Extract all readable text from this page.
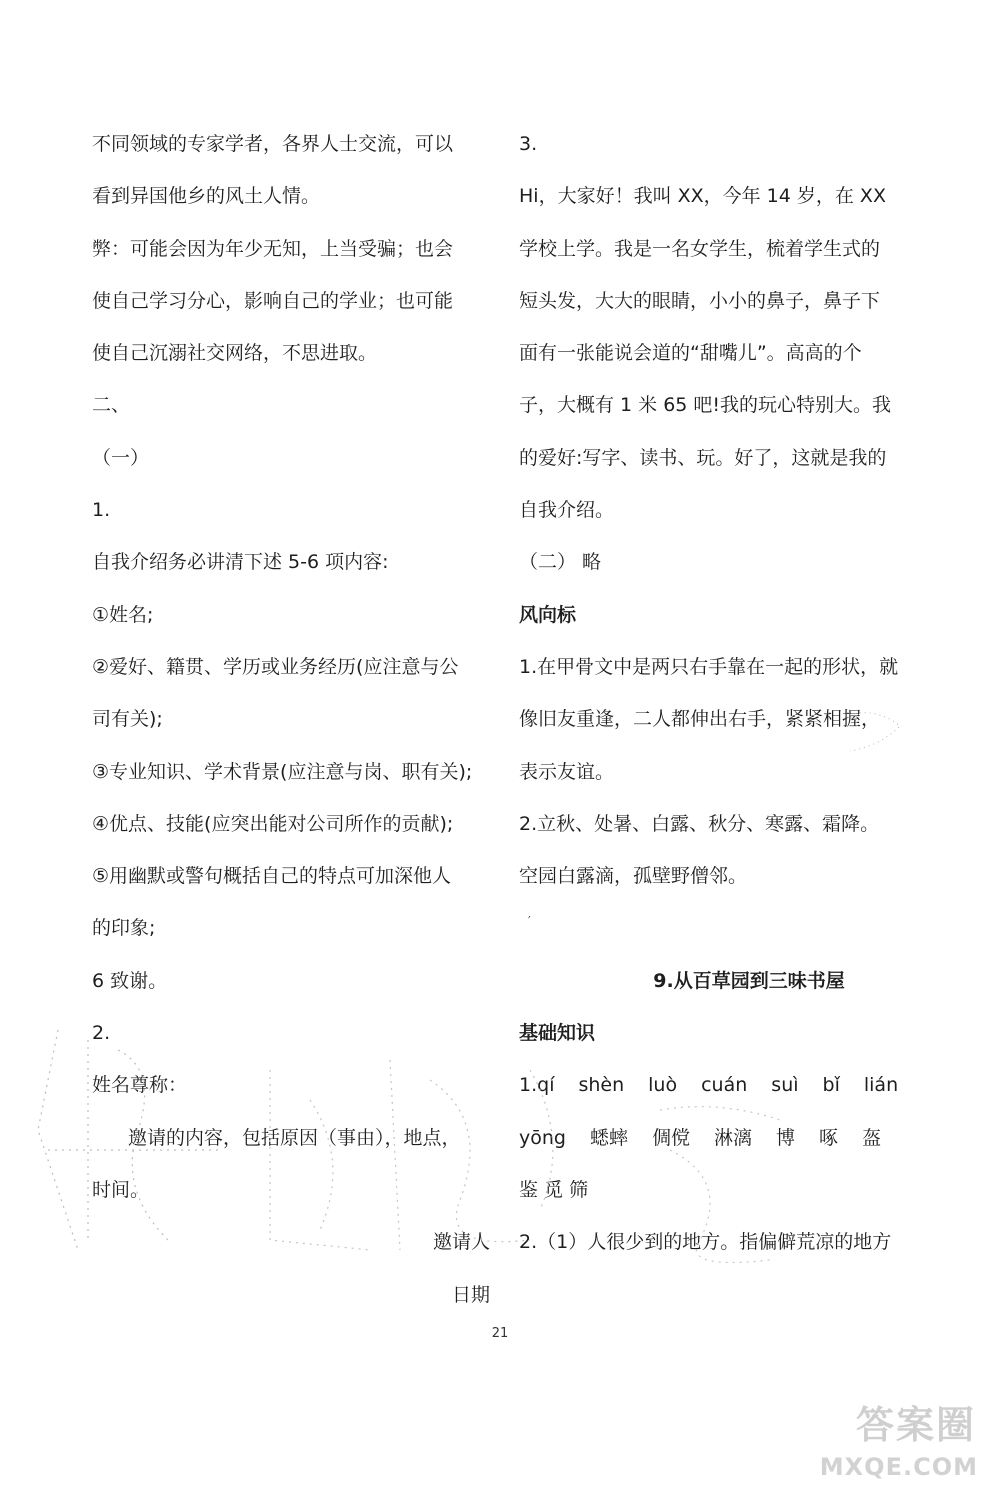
不同领域的专家学者，各界人士交流，可以
看到异国他乡的风土人情。
弊：可能会因为年少无知，上当受骗；也会
使自己学习分心，影响自己的学业；也可能
使自己沉溺社交网络，不思进取。
二、
（一）
1.
自我介绍务必讲清下述 5-6 项内容:
①姓名;
②爱好、籍贯、学历或业务经历(应注意与公
司有关);
③专业知识、学术背景(应注意与岗、职有关);
④优点、技能(应突出能对公司所作的贡献);
⑤用幽默或警句概括自己的特点可加深他人
的印象;
6 致谢。
2.
姓名尊称：
邀请的内容，包括原因（事由），地点，
时间。
邀请人
日期
3.
Hi，大家好！我叫 XX，今年 14 岁，在 XX
学校上学。我是一名女学生，梳着学生式的
短头发，大大的眼睛，小小的鼻子，鼻子下
面有一张能说会道的“甜嘴儿”。高高的个
子，大概有 1 米 65 吧!我的玩心特别大。我
的爱好:写字、读书、玩。好了，这就是我的
自我介绍。
（二） 略
风向标
1.在甲骨文中是两只右手靠在一起的形状，就
像旧友重逢，二人都伸出右手，紧紧相握，
表示友谊。
2.立秋、处暑、白露、秋分、寒露、霜降。
空园白露滴，孤壁野僧邻。
9.从百草园到三味书屋
基础知识
1.qí shèn luò cuán suì bǐ lián
yōng 蟋蟀 倜傥 淋漓 博 啄 盔
鉴 觅 筛
2.（1）人很少到的地方。指偏僻荒凉的地方
′
21
答案圈
MXQE.COM
